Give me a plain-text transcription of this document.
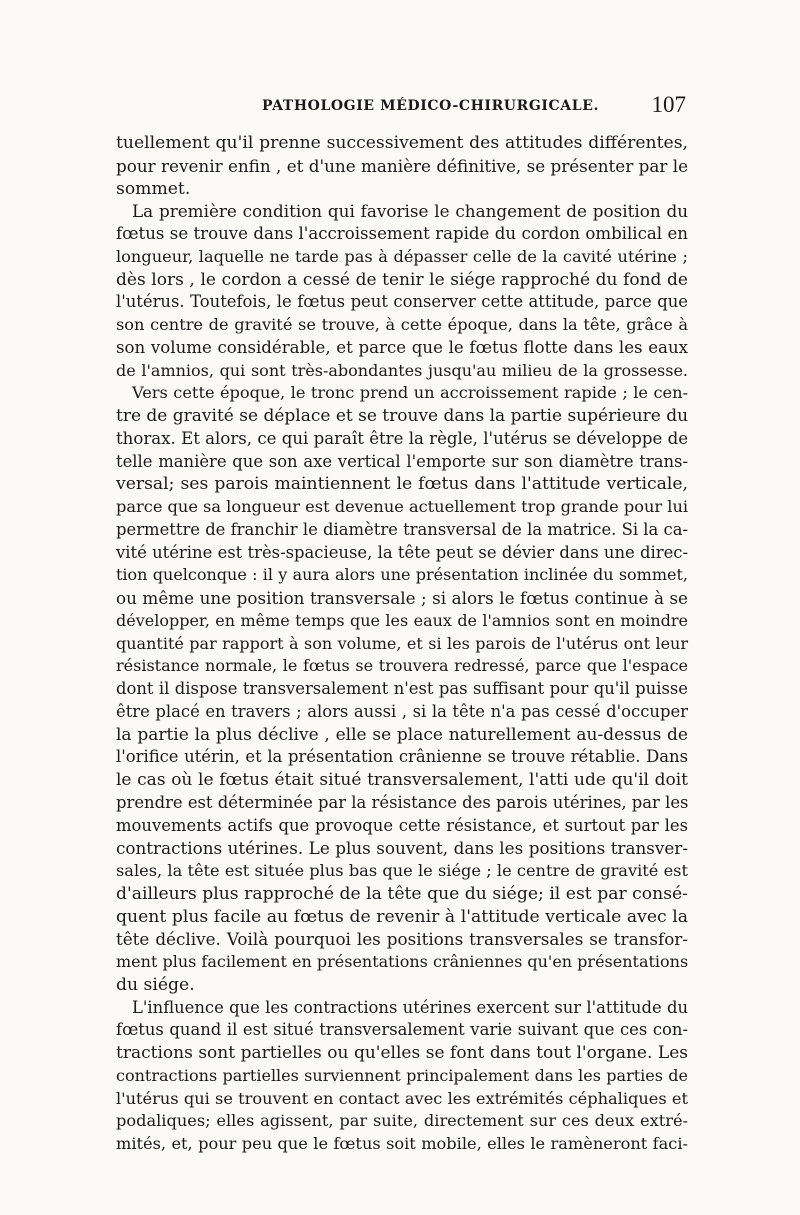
PATHOLOGIE MÉDICO-CHIRURGICALE. 107
tuellement qu'il prenne successivement des attitudes différentes,
pour revenir enfin , et d'une manière définitive, se présenter par le
sommet.
La première condition qui favorise le changement de position du
fœtus se trouve dans l'accroissement rapide du cordon ombilical en
longueur, laquelle ne tarde pas à dépasser celle de la cavité utérine ;
dès lors , le cordon a cessé de tenir le siége rapproché du fond de
l'utérus. Toutefois, le fœtus peut conserver cette attitude, parce que
son centre de gravité se trouve, à cette époque, dans la tête, grâce à
son volume considérable, et parce que le fœtus flotte dans les eaux
de l'amnios, qui sont très-abondantes jusqu'au milieu de la grossesse.
Vers cette époque, le tronc prend un accroissement rapide ; le cen-
tre de gravité se déplace et se trouve dans la partie supérieure du
thorax. Et alors, ce qui paraît être la règle, l'utérus se développe de
telle manière que son axe vertical l'emporte sur son diamètre trans-
versal; ses parois maintiennent le fœtus dans l'attitude verticale,
parce que sa longueur est devenue actuellement trop grande pour lui
permettre de franchir le diamètre transversal de la matrice. Si la ca-
vité utérine est très-spacieuse, la tête peut se dévier dans une direc-
tion quelconque : il y aura alors une présentation inclinée du sommet,
ou même une position transversale ; si alors le fœtus continue à se
développer, en même temps que les eaux de l'amnios sont en moindre
quantité par rapport à son volume, et si les parois de l'utérus ont leur
résistance normale, le fœtus se trouvera redressé, parce que l'espace
dont il dispose transversalement n'est pas suffisant pour qu'il puisse
être placé en travers ; alors aussi , si la tête n'a pas cessé d'occuper
la partie la plus déclive , elle se place naturellement au-dessus de
l'orifice utérin, et la présentation crânienne se trouve rétablie. Dans
le cas où le fœtus était situé transversalement, l'atti ude qu'il doit
prendre est déterminée par la résistance des parois utérines, par les
mouvements actifs que provoque cette résistance, et surtout par les
contractions utérines. Le plus souvent, dans les positions transver-
sales, la tête est située plus bas que le siége ; le centre de gravité est
d'ailleurs plus rapproché de la tête que du siége; il est par consé-
quent plus facile au fœtus de revenir à l'attitude verticale avec la
tête déclive. Voilà pourquoi les positions transversales se transfor-
ment plus facilement en présentations crâniennes qu'en présentations
du siége.
L'influence que les contractions utérines exercent sur l'attitude du
fœtus quand il est situé transversalement varie suivant que ces con-
tractions sont partielles ou qu'elles se font dans tout l'organe. Les
contractions partielles surviennent principalement dans les parties de
l'utérus qui se trouvent en contact avec les extrémités céphaliques et
podaliques; elles agissent, par suite, directement sur ces deux extré-
mités, et, pour peu que le fœtus soit mobile, elles le ramèneront faci-
